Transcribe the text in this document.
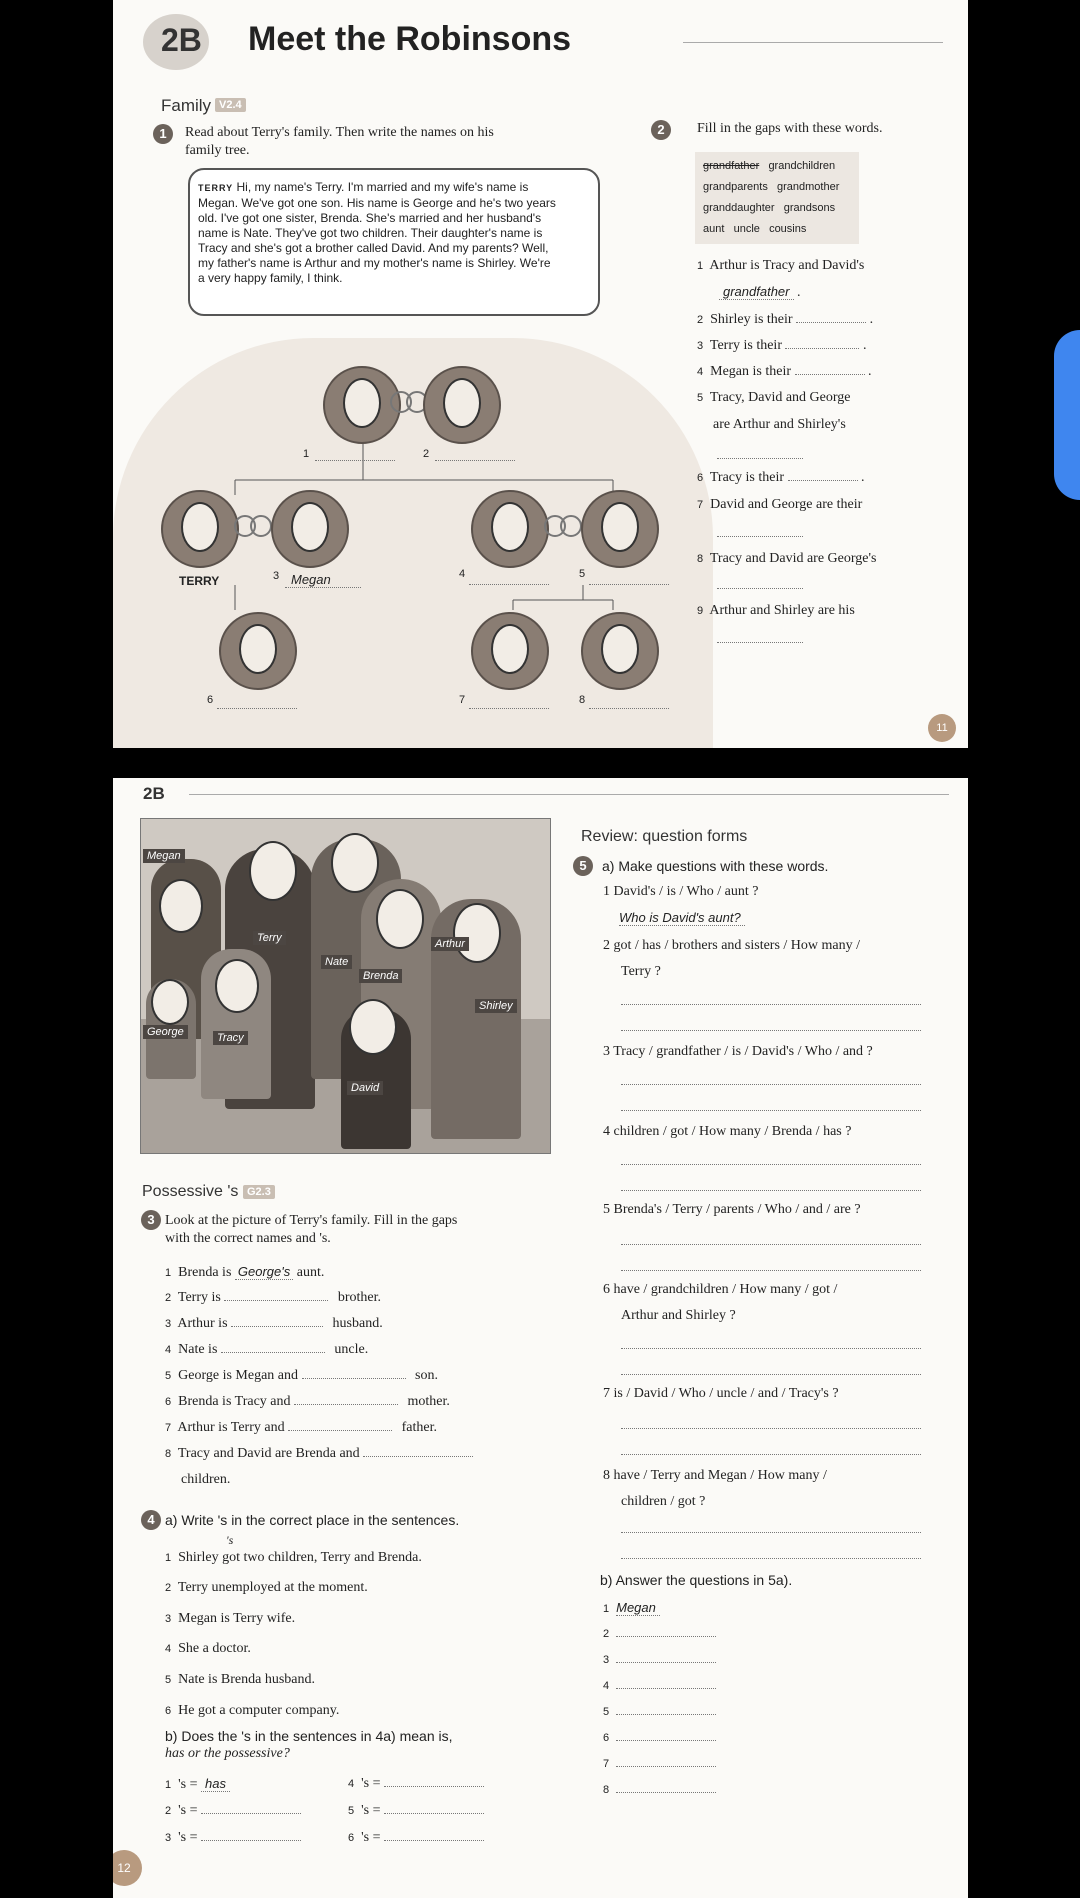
2B Meet the Robinsons
Family V2.4
1	Read about Terry's family. Then write the names on his
family tree.
TERRY Hi, my name's Terry. I'm married and my wife's name is
Megan. We've got one son. His name is George and he's two years
old. I've got one sister, Brenda. She's married and her husband's
name is Nate. They've got two children. Their daughter's name is
Tracy and she's got a brother called David. And my parents? Well,
my father's name is Arthur and my mother's name is Shirley. We're
a very happy family, I think.
1	2
TERRY	3 Megan	4	5
6	7	8
2	Fill in the gaps with these words.
grandfather grandchildren
grandparents grandmother
granddaughter grandsons
aunt uncle cousins
1 Arthur is Tracy and David's
grandfather .
2 Shirley is their	.
3 Terry is their	.
4 Megan is their	.
5 Tracy, David and George
are Arthur and Shirley's
6 Tracy is their	.
7 David and George are their
8 Tracy and David are George's
9 Arthur and Shirley are his
11
2B
Megan
Terry	Arthur
Nate
Brenda
Shirley
George	Tracy
David
Possessive 's G2.3
3 Look at the picture of Terry's family. Fill in the gaps
with the correct names and 's.
1 Brenda is George's aunt.
2 Terry is	brother.
3 Arthur is	husband.
4 Nate is	uncle.
5 George is Megan and	son.
6 Brenda is Tracy and	mother.
7 Arthur is Terry and	father.
8 Tracy and David are Brenda and
children.
4 a) Write 's in the correct place in the sentences.
's
1 Shirley got two children, Terry and Brenda.
2 Terry unemployed at the moment.
3 Megan is Terry wife.
4 She a doctor.
5 Nate is Brenda husband.
6 He got a computer company.
b) Does the 's in the sentences in 4a) mean is,
has or the possessive?
1 's = has
2 's =
3 's =
4 's =
5 's =
6 's =
12
Review: question forms
5	a) Make questions with these words.
1 David's / is / Who / aunt ?
Who is David's aunt?
2 got / has / brothers and sisters / How many /
Terry ?
3 Tracy / grandfather / is / David's / Who / and ?
4 children / got / How many / Brenda / has ?
5 Brenda's / Terry / parents / Who / and / are ?
6 have / grandchildren / How many / got /
Arthur and Shirley ?
7 is / David / Who / uncle / and / Tracy's ?
8 have / Terry and Megan / How many /
children / got ?
b) Answer the questions in 5a).
1 Megan
2
3
4
5
6
7
8
